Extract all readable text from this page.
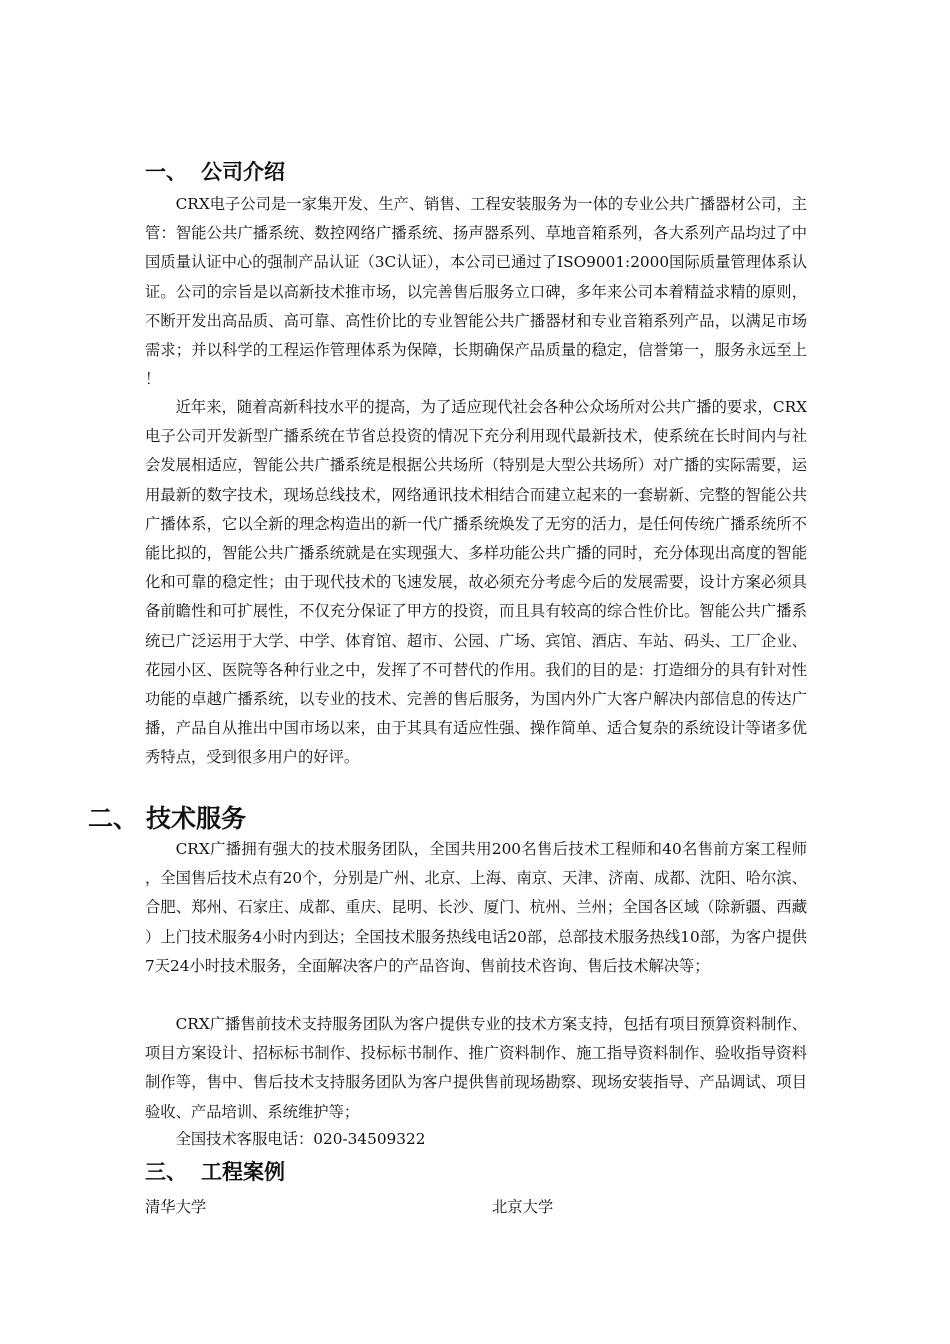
一、 公司介绍

CRX电子公司是一家集开发、生产、销售、工程安装服务为一体的专业公共广播器材公司，主管：智能公共广播系统、数控网络广播系统、扬声器系列、草地音箱系列，各大系列产品均过了中国质量认证中心的强制产品认证（3C认证），本公司已通过了ISO9001:2000国际质量管理体系认证。公司的宗旨是以高新技术推市场，以完善售后服务立口碑，多年来公司本着精益求精的原则，不断开发出高品质、高可靠、高性价比的专业智能公共广播器材和专业音箱系列产品，以满足市场需求；并以科学的工程运作管理体系为保障，长期确保产品质量的稳定，信誉第一，服务永远至上！

近年来，随着高新科技水平的提高，为了适应现代社会各种公众场所对公共广播的要求，CRX电子公司开发新型广播系统在节省总投资的情况下充分利用现代最新技术，使系统在长时间内与社会发展相适应，智能公共广播系统是根据公共场所（特别是大型公共场所）对广播的实际需要，运用最新的数字技术，现场总线技术，网络通讯技术相结合而建立起来的一套崭新、完整的智能公共广播体系，它以全新的理念构造出的新一代广播系统焕发了无穷的活力，是任何传统广播系统所不能比拟的，智能公共广播系统就是在实现强大、多样功能公共广播的同时，充分体现出高度的智能化和可靠的稳定性；由于现代技术的飞速发展，故必须充分考虑今后的发展需要，设计方案必须具备前瞻性和可扩展性，不仅充分保证了甲方的投资，而且具有较高的综合性价比。智能公共广播系统已广泛运用于大学、中学、体育馆、超市、公园、广场、宾馆、酒店、车站、码头、工厂企业、花园小区、医院等各种行业之中，发挥了不可替代的作用。我们的目的是：打造细分的具有针对性功能的卓越广播系统，以专业的技术、完善的售后服务，为国内外广大客户解决内部信息的传达广播，产品自从推出中国市场以来，由于其具有适应性强、操作简单、适合复杂的系统设计等诸多优秀特点，受到很多用户的好评。

二、 技术服务

CRX广播拥有强大的技术服务团队，全国共用200名售后技术工程师和40名售前方案工程师，全国售后技术点有20个，分别是广州、北京、上海、南京、天津、济南、成都、沈阳、哈尔滨、合肥、郑州、石家庄、成都、重庆、昆明、长沙、厦门、杭州、兰州；全国各区域（除新疆、西藏）上门技术服务4小时内到达；全国技术服务热线电话20部，总部技术服务热线10部，为客户提供7天24小时技术服务，全面解决客户的产品咨询、售前技术咨询、售后技术解决等；

CRX广播售前技术支持服务团队为客户提供专业的技术方案支持，包括有项目预算资料制作、项目方案设计、招标标书制作、投标标书制作、推广资料制作、施工指导资料制作、验收指导资料制作等，售中、售后技术支持服务团队为客户提供售前现场勘察、现场安装指导、产品调试、项目验收、产品培训、系统维护等；

全国技术客服电话：020-34509322

三、 工程案例
清华大学	北京大学
